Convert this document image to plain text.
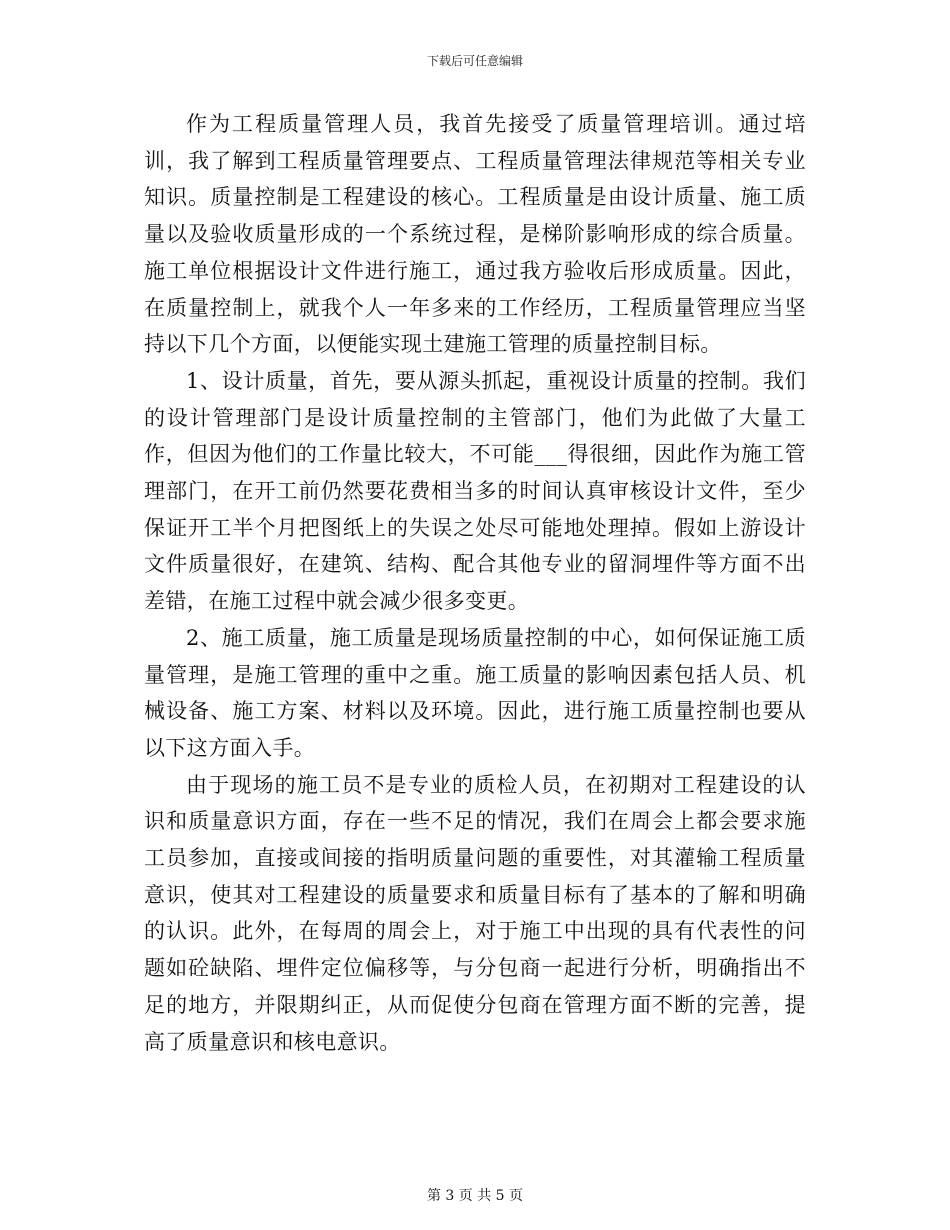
下载后可任意编辑

作为工程质量管理人员，我首先接受了质量管理培训。通过培训，我了解到工程质量管理要点、工程质量管理法律规范等相关专业知识。质量控制是工程建设的核心。工程质量是由设计质量、施工质量以及验收质量形成的一个系统过程，是梯阶影响形成的综合质量。施工单位根据设计文件进行施工，通过我方验收后形成质量。因此，在质量控制上，就我个人一年多来的工作经历，工程质量管理应当坚持以下几个方面，以便能实现土建施工管理的质量控制目标。

1、设计质量，首先，要从源头抓起，重视设计质量的控制。我们的设计管理部门是设计质量控制的主管部门，他们为此做了大量工作，但因为他们的工作量比较大，不可能___得很细，因此作为施工管理部门，在开工前仍然要花费相当多的时间认真审核设计文件，至少保证开工半个月把图纸上的失误之处尽可能地处理掉。假如上游设计文件质量很好，在建筑、结构、配合其他专业的留洞埋件等方面不出差错，在施工过程中就会减少很多变更。

2、施工质量，施工质量是现场质量控制的中心，如何保证施工质量管理，是施工管理的重中之重。施工质量的影响因素包括人员、机械设备、施工方案、材料以及环境。因此，进行施工质量控制也要从以下这方面入手。

由于现场的施工员不是专业的质检人员，在初期对工程建设的认识和质量意识方面，存在一些不足的情况，我们在周会上都会要求施工员参加，直接或间接的指明质量问题的重要性，对其灌输工程质量意识，使其对工程建设的质量要求和质量目标有了基本的了解和明确的认识。此外，在每周的周会上，对于施工中出现的具有代表性的问题如砼缺陷、埋件定位偏移等，与分包商一起进行分析，明确指出不足的地方，并限期纠正，从而促使分包商在管理方面不断的完善，提高了质量意识和核电意识。

第 3 页 共 5 页
